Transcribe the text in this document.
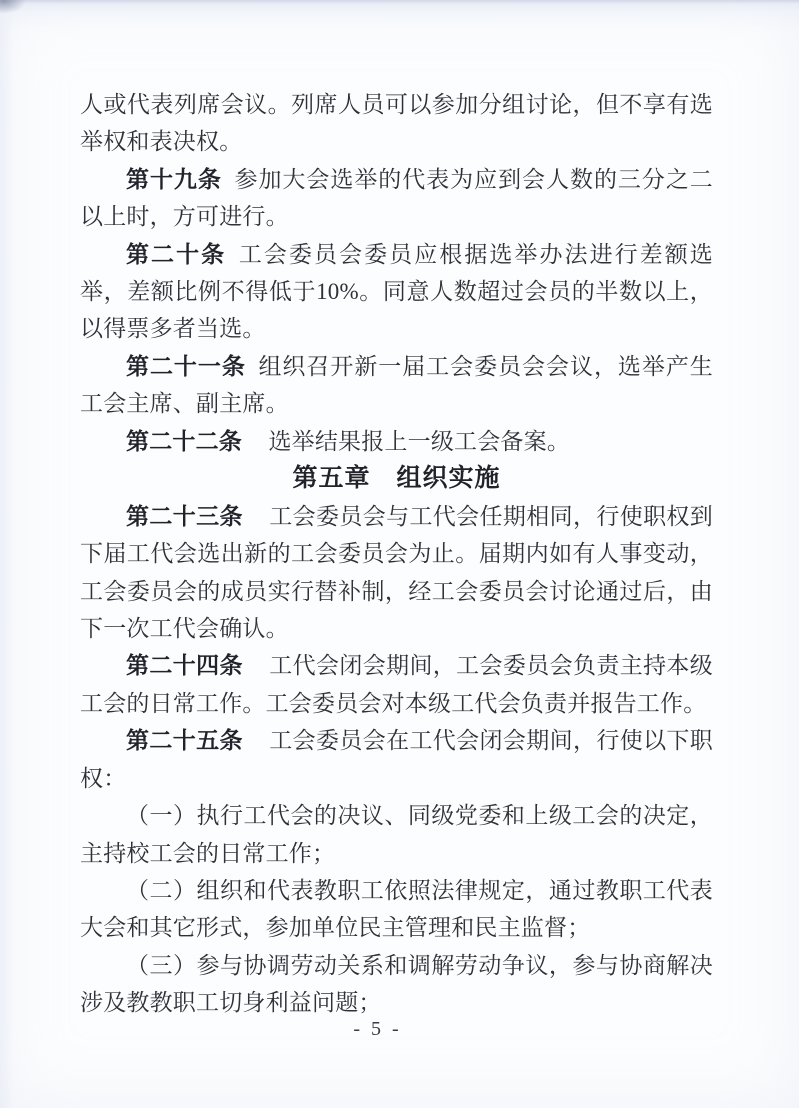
人或代表列席会议。列席人员可以参加分组讨论，但不享有选举权和表决权。

第十九条 参加大会选举的代表为应到会人数的三分之二以上时，方可进行。

第二十条 工会委员会委员应根据选举办法进行差额选举，差额比例不得低于10%。同意人数超过会员的半数以上，以得票多者当选。

第二十一条 组织召开新一届工会委员会会议，选举产生工会主席、副主席。

第二十二条 选举结果报上一级工会备案。

第五章　组织实施

第二十三条 工会委员会与工代会任期相同，行使职权到下届工代会选出新的工会委员会为止。届期内如有人事变动，工会委员会的成员实行替补制，经工会委员会讨论通过后，由下一次工代会确认。

第二十四条 工代会闭会期间，工会委员会负责主持本级工会的日常工作。工会委员会对本级工代会负责并报告工作。

第二十五条 工会委员会在工代会闭会期间，行使以下职权：

（一）执行工代会的决议、同级党委和上级工会的决定，主持校工会的日常工作；

（二）组织和代表教职工依照法律规定，通过教职工代表大会和其它形式，参加单位民主管理和民主监督；

（三）参与协调劳动关系和调解劳动争议，参与协商解决涉及教教职工切身利益问题；

- 5 -
